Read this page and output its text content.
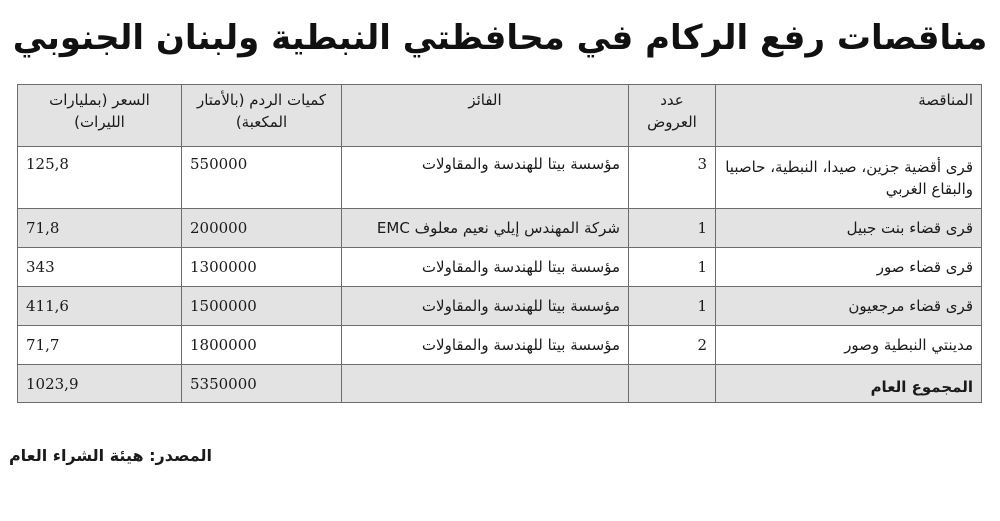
مناقصات رفع الركام في محافظتي النبطية ولبنان الجنوبي
المناقصة	عدد العروض	الفائز	كميات الردم (بالأمتار المكعبة)	السعر (بمليارات الليرات)
قرى أقضية جزين، صيدا، النبطية، حاصبيا والبقاع الغربي	3	مؤسسة بيتا للهندسة والمقاولات	550000	125,8
قرى قضاء بنت جبيل	1	شركة المهندس إيلي نعيم معلوف EMC	200000	71,8
قرى قضاء صور	1	مؤسسة بيتا للهندسة والمقاولات	1300000	343
قرى قضاء مرجعيون	1	مؤسسة بيتا للهندسة والمقاولات	1500000	411,6
مدينتي النبطية وصور	2	مؤسسة بيتا للهندسة والمقاولات	1800000	71,7
المجموع العام			5350000	1023,9
المصدر: هيئة الشراء العام
